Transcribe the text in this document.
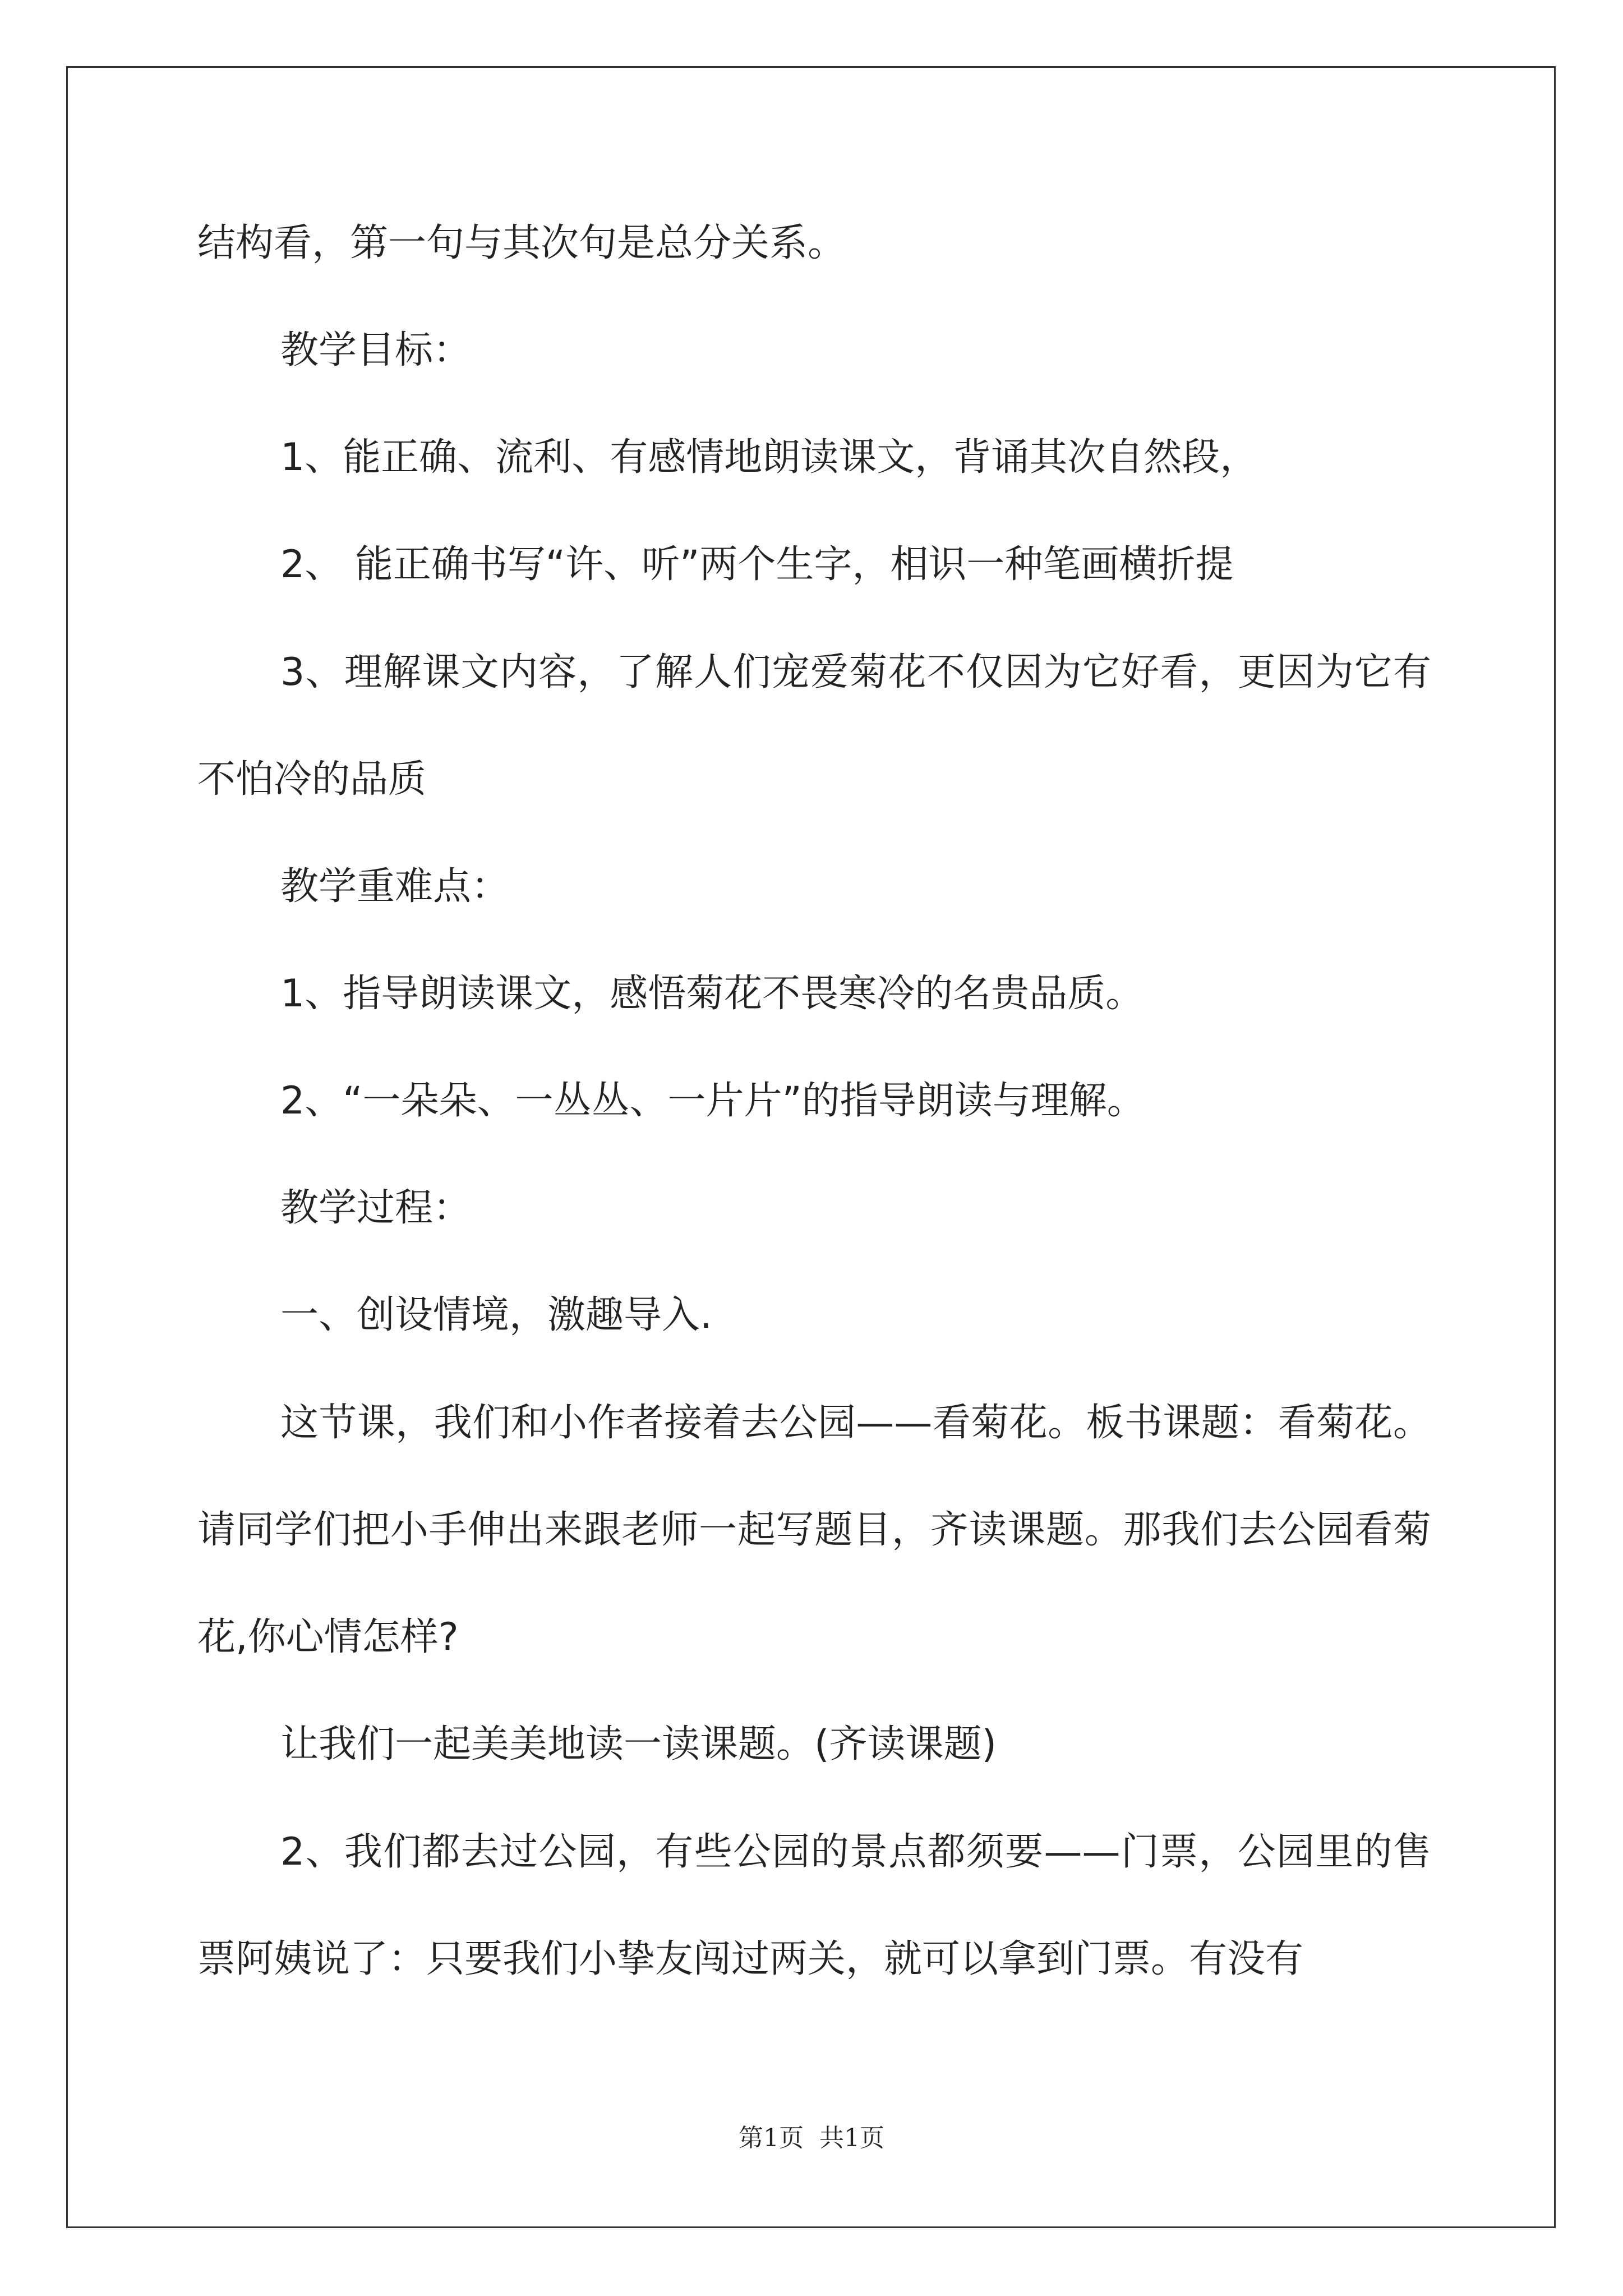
结构看，第一句与其次句是总分关系。

教学目标：

1、能正确、流利、有感情地朗读课文，背诵其次自然段，

2、 能正确书写“许、听”两个生字，相识一种笔画横折提

3、理解课文内容，了解人们宠爱菊花不仅因为它好看，更因为它有不怕冷的品质

教学重难点：

1、指导朗读课文，感悟菊花不畏寒冷的名贵品质。

2、“一朵朵、一丛丛、一片片”的指导朗读与理解。

教学过程：

一、创设情境，激趣导入.

这节课，我们和小作者接着去公园——看菊花。板书课题：看菊花。 请同学们把小手伸出来跟老师一起写题目，齐读课题。那我们去公园看菊花,你心情怎样?

让我们一起美美地读一读课题。(齐读课题)

2、我们都去过公园，有些公园的景点都须要——门票，公园里的售票阿姨说了：只要我们小挚友闯过两关，就可以拿到门票。有没有

第1页 共1页
